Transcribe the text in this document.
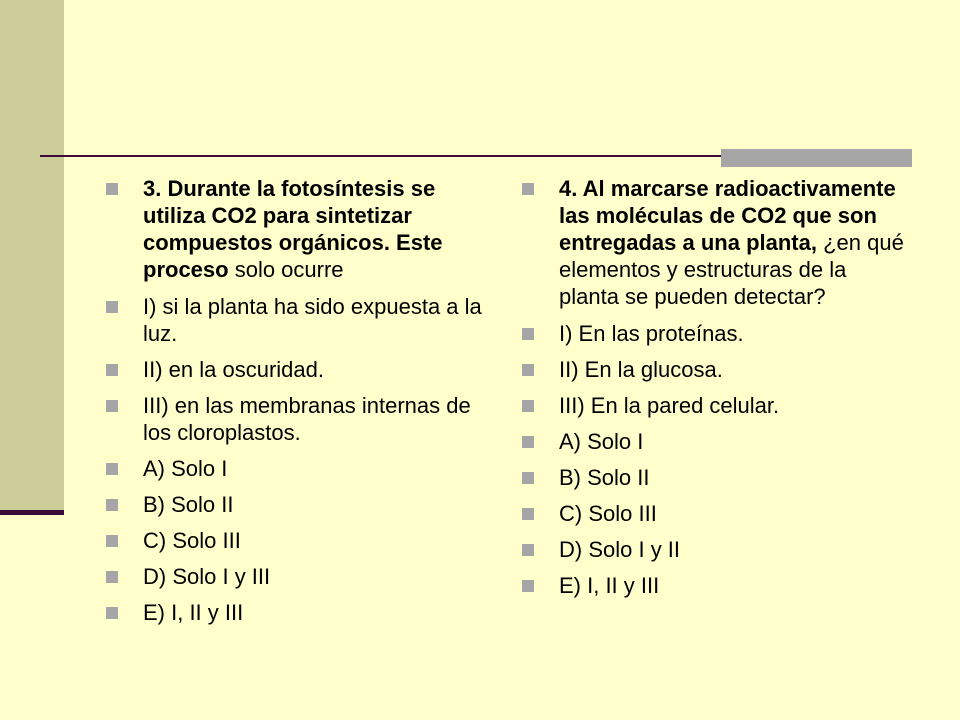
3. Durante la fotosíntesis se utiliza CO2 para sintetizar compuestos orgánicos. Este proceso solo ocurre
I) si la planta ha sido expuesta a la luz.
II) en la oscuridad.
III) en las membranas internas de los cloroplastos.
A) Solo I
B) Solo II
C) Solo III
D) Solo I y III
E) I, II y III
4. Al marcarse radioactivamente las moléculas de CO2 que son entregadas a una planta, ¿en qué elementos y estructuras de la planta se pueden detectar?
I) En las proteínas.
II) En la glucosa.
III) En la pared celular.
A) Solo I
B) Solo II
C) Solo III
D) Solo I y II
E) I, II y III
